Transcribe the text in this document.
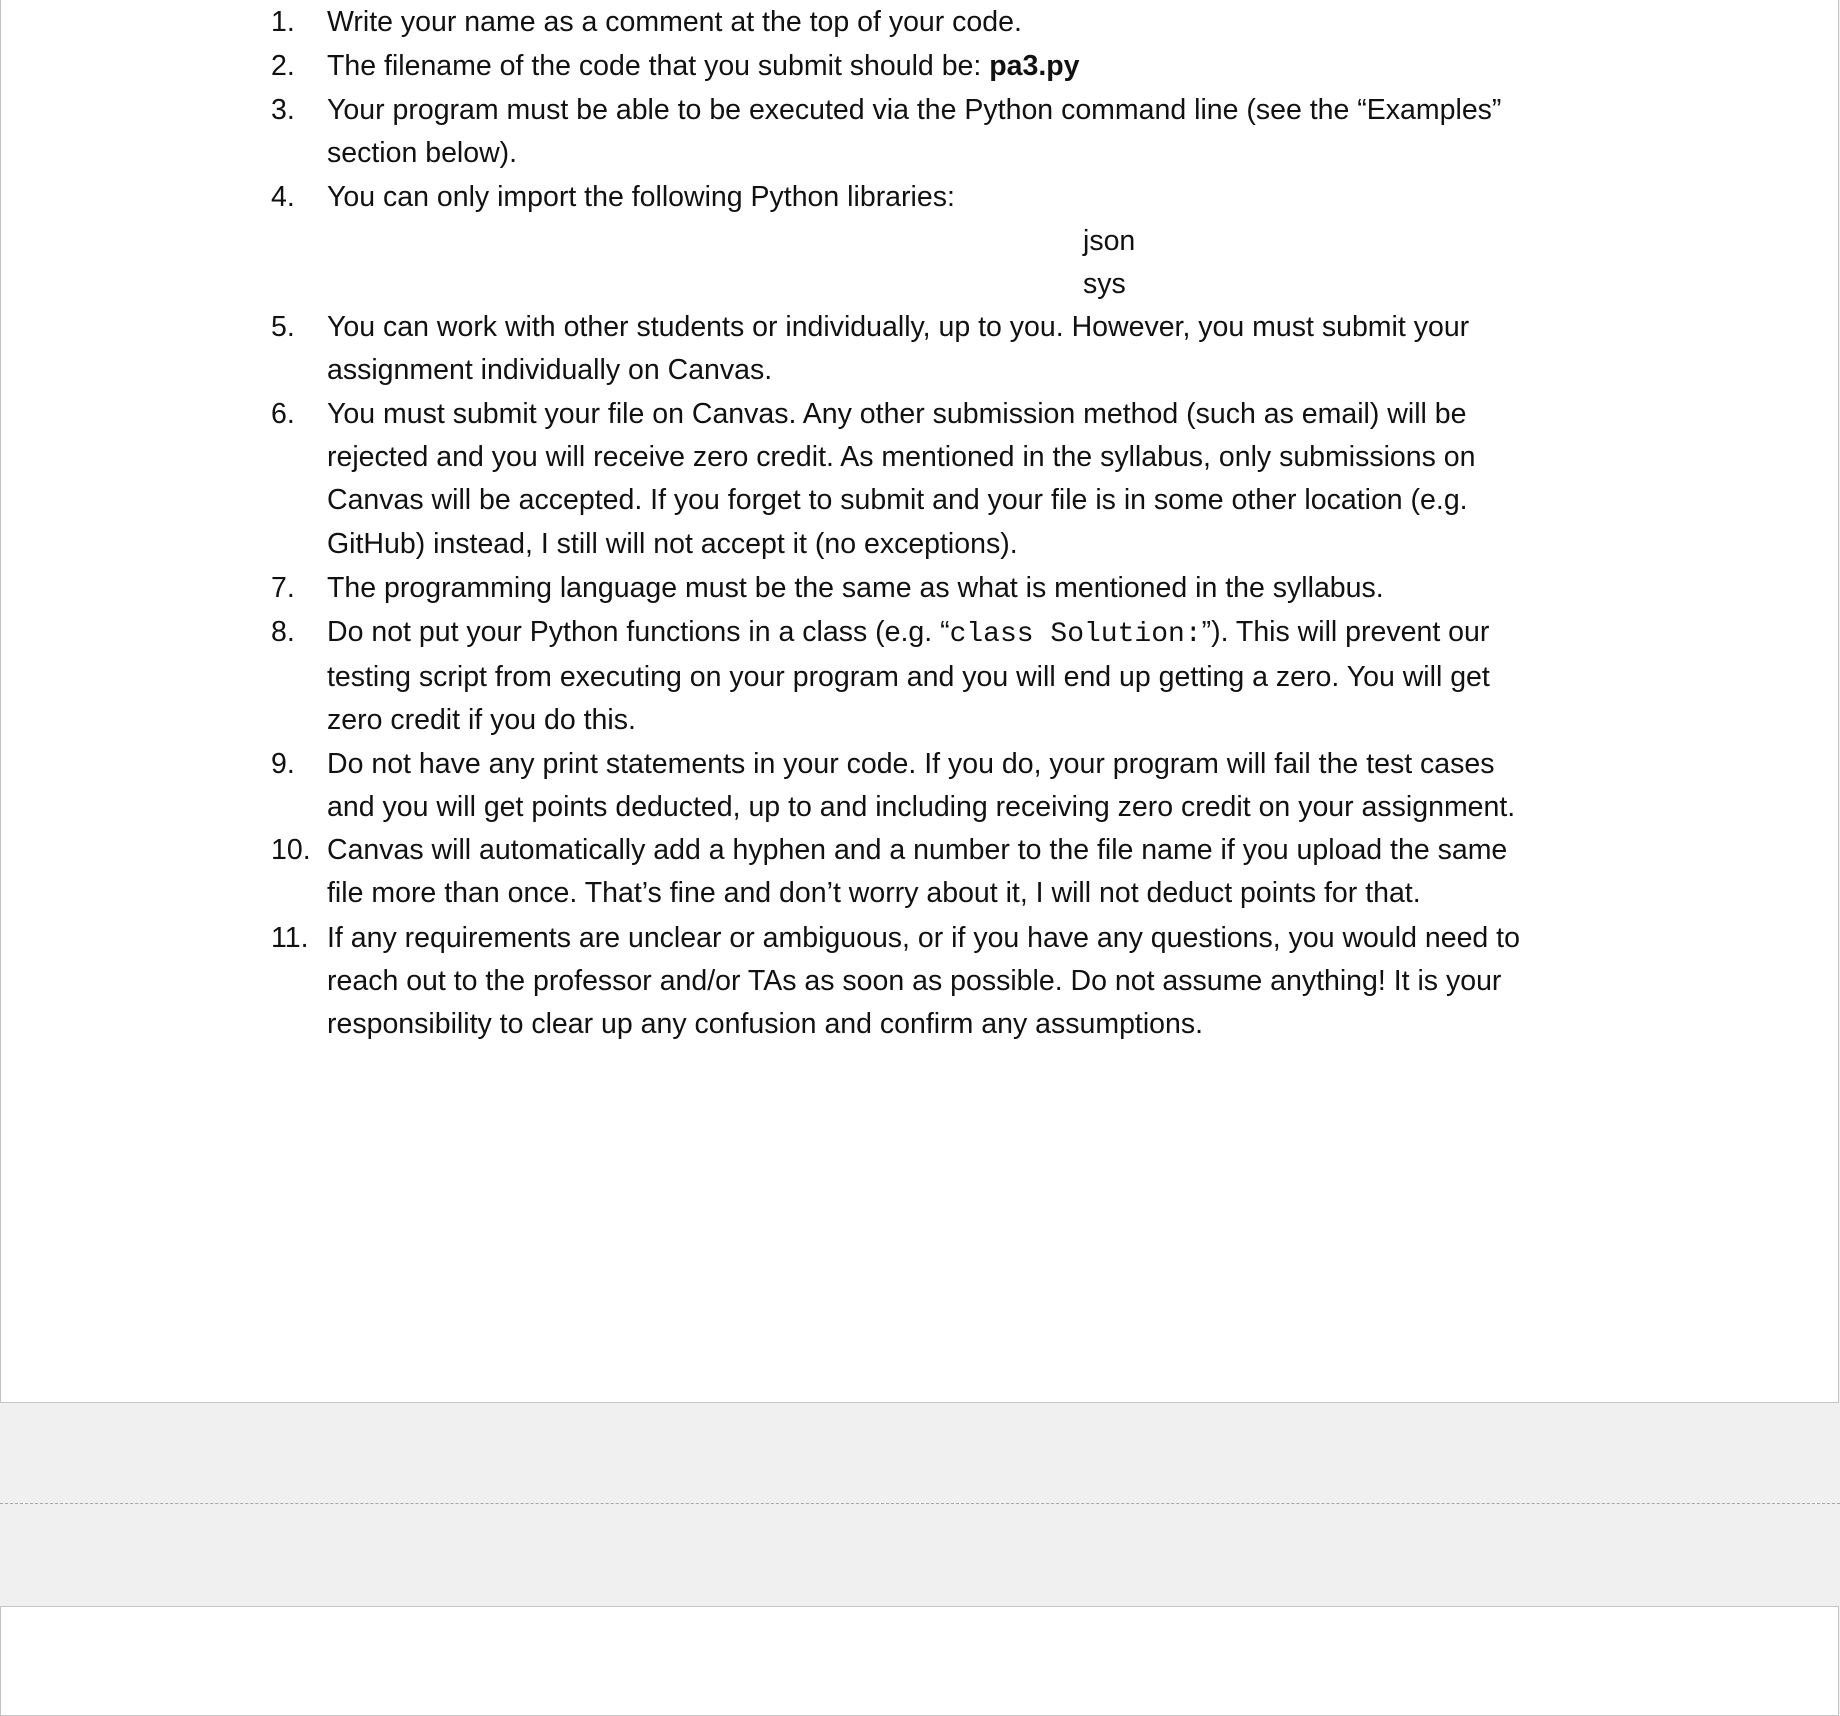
1.	Write your name as a comment at the top of your code.
2.	The filename of the code that you submit should be: pa3.py
3.	Your program must be able to be executed via the Python command line (see the “Examples”
section below).
4.	You can only import the following Python libraries:
json
sys
5.	You can work with other students or individually, up to you. However, you must submit your
assignment individually on Canvas.
6.	You must submit your file on Canvas. Any other submission method (such as email) will be
rejected and you will receive zero credit. As mentioned in the syllabus, only submissions on
Canvas will be accepted. If you forget to submit and your file is in some other location (e.g.
GitHub) instead, I still will not accept it (no exceptions).
7.	The programming language must be the same as what is mentioned in the syllabus.
8.	Do not put your Python functions in a class (e.g. “class Solution:”). This will prevent our
testing script from executing on your program and you will end up getting a zero. You will get
zero credit if you do this.
9.	Do not have any print statements in your code. If you do, your program will fail the test cases
and you will get points deducted, up to and including receiving zero credit on your assignment.
10. Canvas will automatically add a hyphen and a number to the file name if you upload the same
file more than once. That’s fine and don’t worry about it, I will not deduct points for that.
11. If any requirements are unclear or ambiguous, or if you have any questions, you would need to
reach out to the professor and/or TAs as soon as possible. Do not assume anything! It is your
responsibility to clear up any confusion and confirm any assumptions.
